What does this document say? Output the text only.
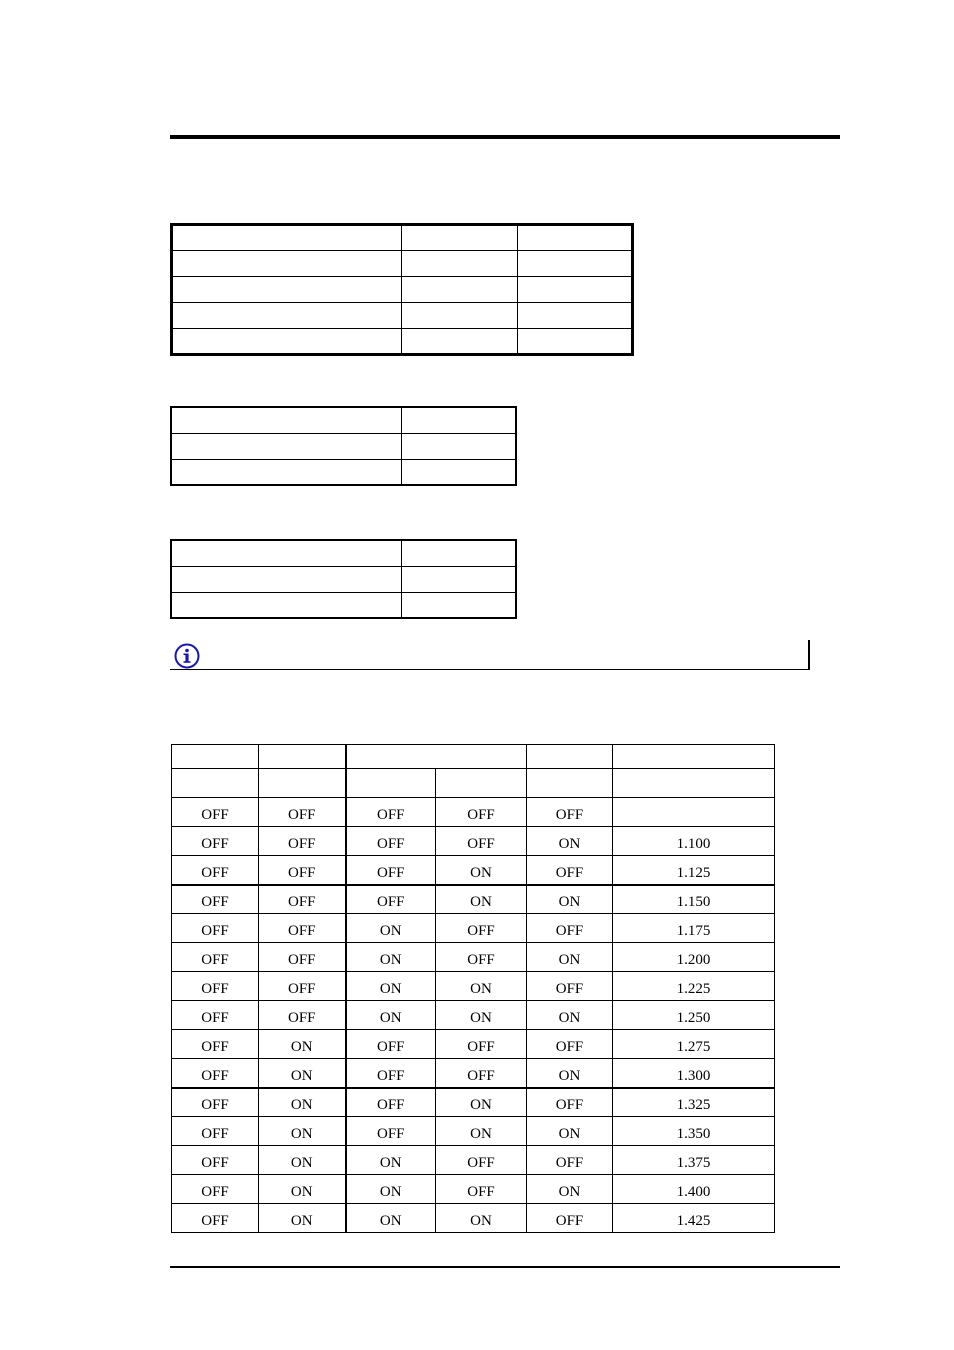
OFF	OFF	OFF	OFF	OFF	
OFF	OFF	OFF	OFF	ON	1.100
OFF	OFF	OFF	ON	OFF	1.125
OFF	OFF	OFF	ON	ON	1.150
OFF	OFF	ON	OFF	OFF	1.175
OFF	OFF	ON	OFF	ON	1.200
OFF	OFF	ON	ON	OFF	1.225
OFF	OFF	ON	ON	ON	1.250
OFF	ON	OFF	OFF	OFF	1.275
OFF	ON	OFF	OFF	ON	1.300
OFF	ON	OFF	ON	OFF	1.325
OFF	ON	OFF	ON	ON	1.350
OFF	ON	ON	OFF	OFF	1.375
OFF	ON	ON	OFF	ON	1.400
OFF	ON	ON	ON	OFF	1.425
